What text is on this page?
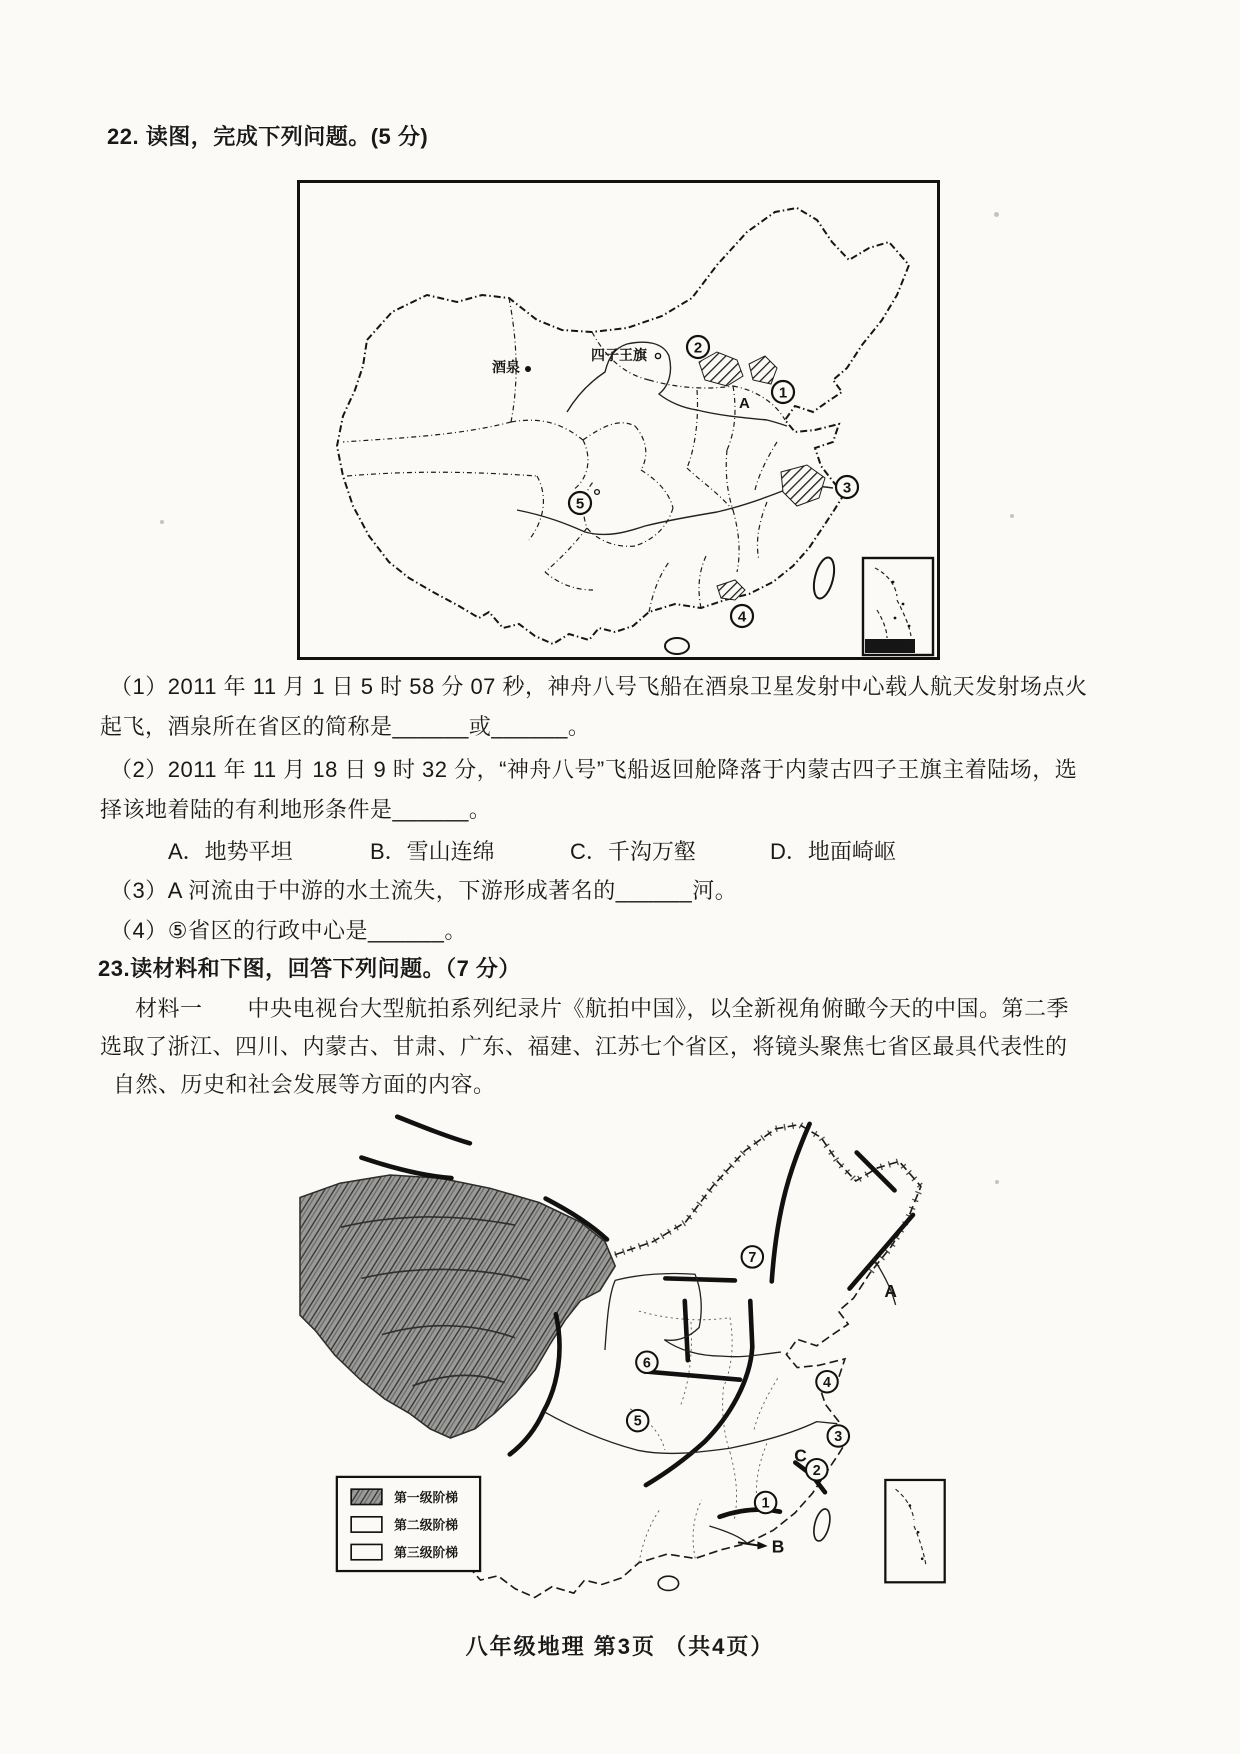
22. 读图，完成下列问题。(5 分)
四子王旗
酒泉
A
2
1
3
5
4
南海诸岛
（1）2011 年 11 月 1 日 5 时 58 分 07 秒，神舟八号飞船在酒泉卫星发射中心载人航天发射场点火
起飞，酒泉所在省区的简称是______或______。
（2）2011 年 11 月 18 日 9 时 32 分，“神舟八号”飞船返回舱降落于内蒙古四子王旗主着陆场，选
择该地着陆的有利地形条件是______。
A．地势平坦	B．雪山连绵	C．千沟万壑	D．地面崎岖
（3）A 河流由于中游的水土流失，下游形成著名的______河。
（4）⑤省区的行政中心是______。
23.读材料和下图，回答下列问题。（7 分）
材料一　　中央电视台大型航拍系列纪录片《航拍中国》，以全新视角俯瞰今天的中国。第二季
选取了浙江、四川、内蒙古、甘肃、广东、福建、江苏七个省区，将镜头聚焦七省区最具代表性的
自然、历史和社会发展等方面的内容。
A
C
B
7
6
4
5
3
2
1
第一级阶梯
第二级阶梯
第三级阶梯
八年级地理 第3页 （共4页）
